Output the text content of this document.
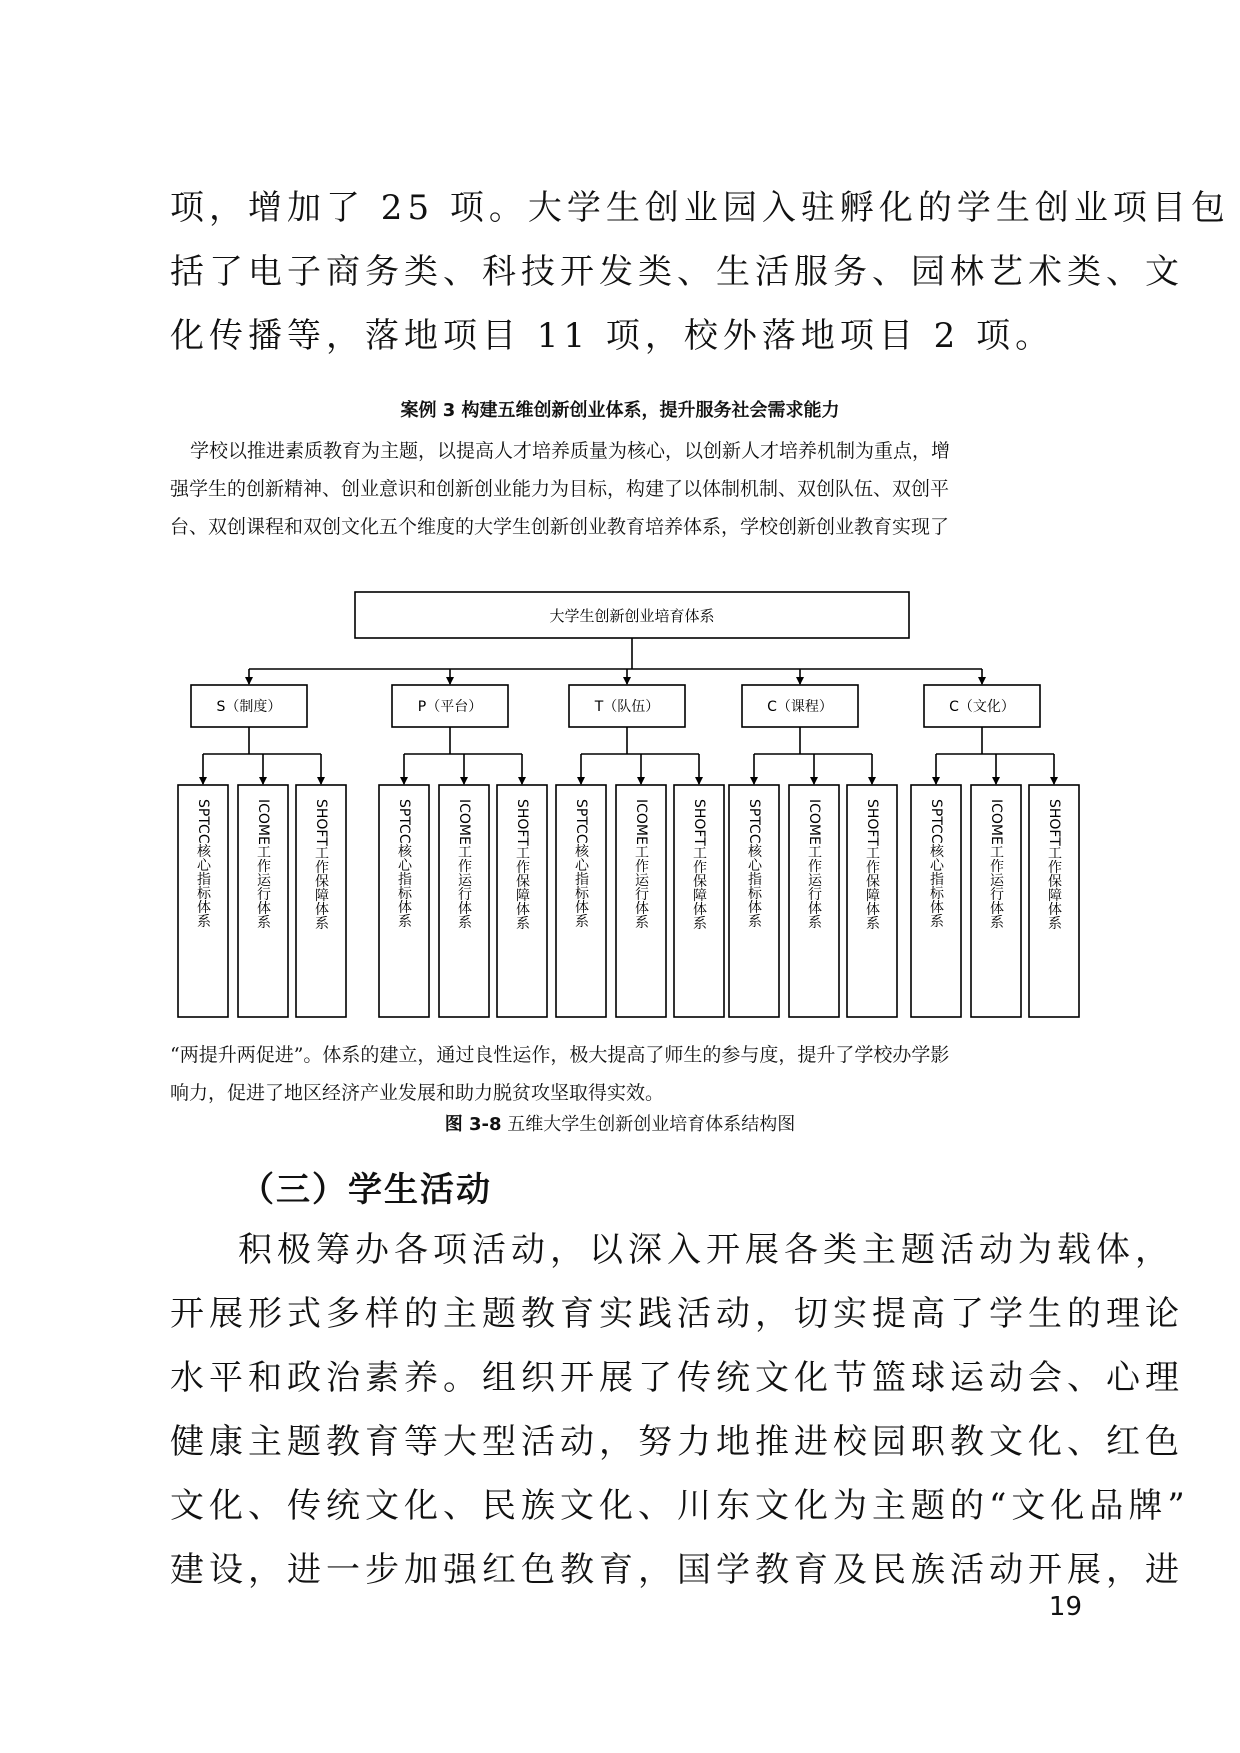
项，增加了 25 项。大学生创业园入驻孵化的学生创业项目包
括了电子商务类、科技开发类、生活服务、园林艺术类、文
化传播等，落地项目 11 项，校外落地项目 2 项。

案例 3 构建五维创新创业体系，提升服务社会需求能力

学校以推进素质教育为主题，以提高人才培养质量为核心，以创新人才培养机制为重点，增
强学生的创新精神、创业意识和创新创业能力为目标，构建了以体制机制、双创队伍、双创平
台、双创课程和双创文化五个维度的大学生创新创业教育培养体系，学校创新创业教育实现了
大学生创新创业培育体系
S（制度）
SPTCC核心指标体系	ICOME工作运行体系	SHOFT工作保障体系
P（平台）
SPTCC核心指标体系	ICOME工作运行体系	SHOFT工作保障体系
T（队伍）
SPTCC核心指标体系	ICOME工作运行体系	SHOFT工作保障体系
C（课程）
SPTCC核心指标体系	ICOME工作运行体系	SHOFT工作保障体系
C（文化）
SPTCC核心指标体系	ICOME工作运行体系	SHOFT工作保障体系
“两提升两促进”。体系的建立，通过良性运作，极大提高了师生的参与度，提升了学校办学影
响力，促进了地区经济产业发展和助力脱贫攻坚取得实效。

图 3-8 五维大学生创新创业培育体系结构图

（三）学生活动

积极筹办各项活动，以深入开展各类主题活动为载体，
开展形式多样的主题教育实践活动，切实提高了学生的理论
水平和政治素养。组织开展了传统文化节篮球运动会、心理
健康主题教育等大型活动，努力地推进校园职教文化、红色
文化、传统文化、民族文化、川东文化为主题的“文化品牌”
建设，进一步加强红色教育，国学教育及民族活动开展，进
19
